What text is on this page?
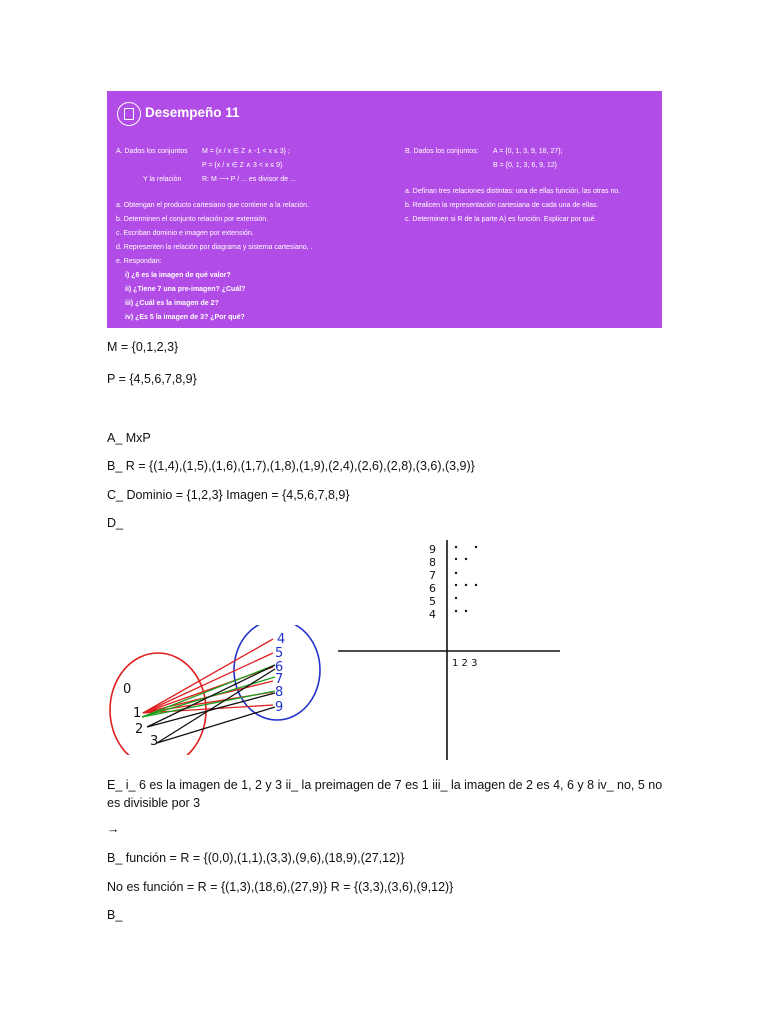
Desempeño 11
A. Dados los conjuntos M = {x / x ∈ Z ∧ -1 < x ≤ 3} ;
P = {x / x ∈ Z ∧ 3 < x ≤ 9}
Y la relación	R: M ⟶ P / ... es divisor de ...
B. Dados los conjuntos: A = {0, 1, 3, 9, 18, 27};
B = {0, 1, 3, 6, 9, 12}
a. Obtengan el producto cartesiano que contiene a la relación.
b. Determinen el conjunto relación por extensión.
c. Escriban dominio e imagen por extensión.
d. Representen la relación por diagrama y sistema cartesiano, .
e. Respondan:
i) ¿6 es la imagen de qué valor?
ii) ¿Tiene 7 una pre-imagen? ¿Cuál?
iii) ¿Cuál es la imagen de 2?
iv) ¿Es 5 la imagen de 3? ¿Por qué?
a. Definan tres relaciones distintas: una de ellas función, las otras no.
b. Realicen la representación cartesiana de cada una de ellas.
c. Determinen si R de la parte A) es función. Explicar por qué.
M = {0,1,2,3}
P = {4,5,6,7,8,9}
A_ MxP
B_ R = {(1,4),(1,5),(1,6),(1,7),(1,8),(1,9),(2,4),(2,6),(2,8),(3,6),(3,9)}
C_ Dominio = {1,2,3} Imagen = {4,5,6,7,8,9}
D_
0
1
2
3
4
5
6
7
8
9
9
8
7
6
5
4
1 2 3
E_ i_ 6 es la imagen de 1, 2 y 3 ii_ la preimagen de 7 es 1 iii_ la imagen de 2 es 4, 6 y 8 iv_ no, 5 no es divisible por 3
→
B_ función = R = {(0,0),(1,1),(3,3),(9,6),(18,9),(27,12)}
No es función = R = {(1,3),(18,6),(27,9)} R = {(3,3),(3,6),(9,12)}
B_
